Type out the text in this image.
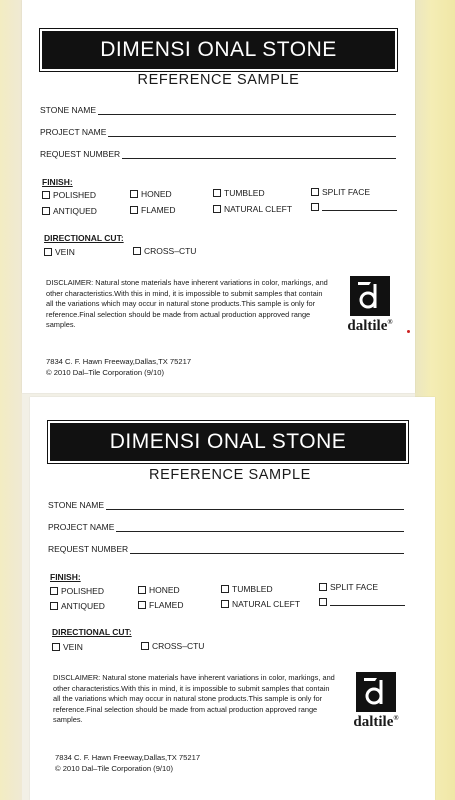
DIMENSI ONAL STONE
REFERENCE SAMPLE
STONE NAME
PROJECT NAME
REQUEST NUMBER
FINISH:
POLISHED	HONED	TUMBLED	SPLIT FACE
ANTIQUED	FLAMED	NATURAL CLEFT
DIRECTIONAL CUT:
VEIN	CROSS–CTU
DISCLAIMER: Natural stone materials have inherent variations in color, markings, and other characteristics.With this in mind, it is impossible to submit samples that contain all the variations which may occur in natural stone products.This sample is only for reference.Final selection should be made from actual production approved range samples.	daltile®
7834 C. F. Hawn Freeway,Dallas,TX 75217
© 2010 Dal–Tile Corporation (9/10)
DIMENSI ONAL STONE
REFERENCE SAMPLE
STONE NAME
PROJECT NAME
REQUEST NUMBER
FINISH:
POLISHED	HONED	TUMBLED	SPLIT FACE
ANTIQUED	FLAMED	NATURAL CLEFT
DIRECTIONAL CUT:
VEIN	CROSS–CTU
DISCLAIMER: Natural stone materials have inherent variations in color, markings, and other characteristics.With this in mind, it is impossible to submit samples that contain all the variations which may occur in natural stone products.This sample is only for reference.Final selection should be made from actual production approved range samples.	daltile®
7834 C. F. Hawn Freeway,Dallas,TX 75217
© 2010 Dal–Tile Corporation (9/10)
